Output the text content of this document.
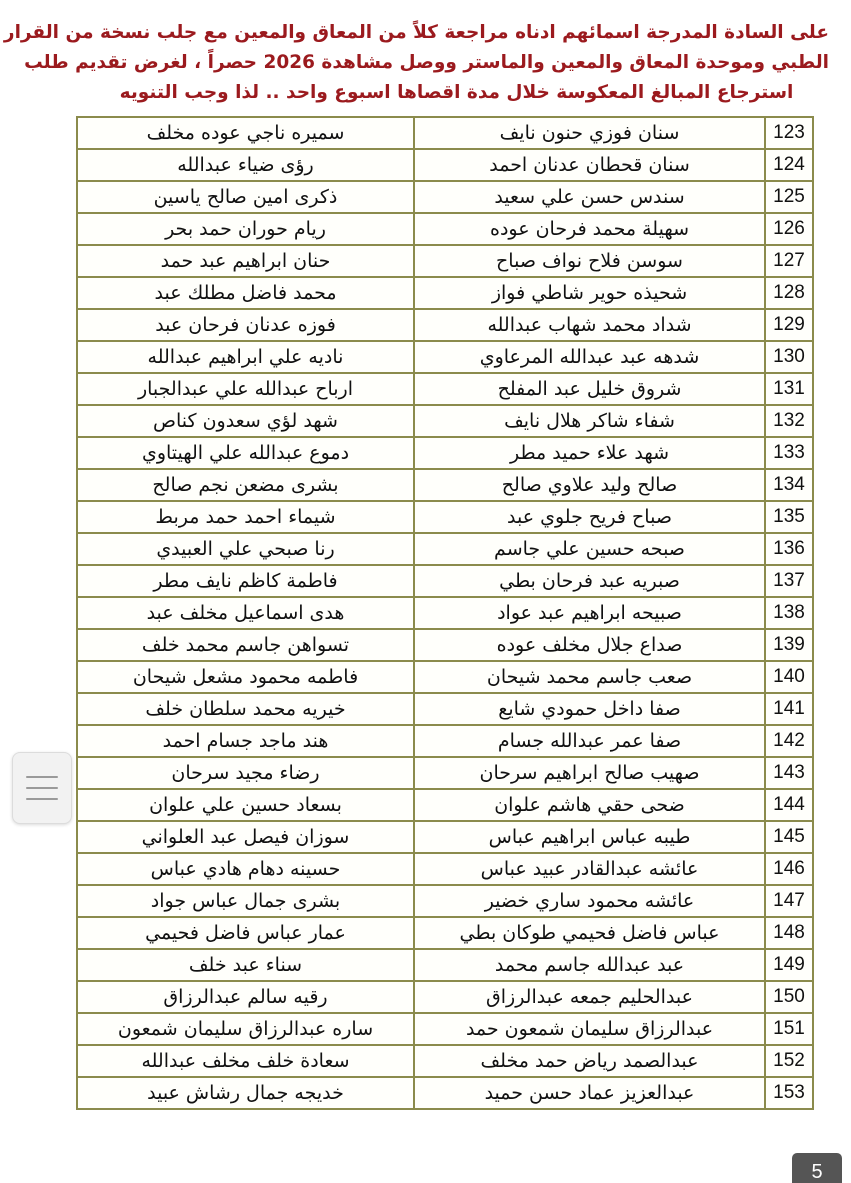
على السادة المدرجة اسمائهم ادناه مراجعة كلاً من المعاق والمعين مع جلب نسخة من القرار
الطبي وموحدة المعاق والمعين والماستر ووصل مشاهدة 2026 حصراً ، لغرض تقديم طلب
استرجاع المبالغ المعكوسة خلال مدة اقصاها اسبوع واحد .. لذا وجب التنويه
123	سنان فوزي حنون نايف	سميره ناجي عوده مخلف
124	سنان قحطان عدنان احمد	رؤى ضياء عبدالله
125	سندس حسن علي سعيد	ذكرى امين صالح ياسين
126	سهيلة محمد فرحان عوده	ريام حوران حمد بحر
127	سوسن فلاح نواف صباح	حنان ابراهيم عبد حمد
128	شحيذه حوير شاطي فواز	محمد فاضل مطلك عبد
129	شداد محمد شهاب عبدالله	فوزه عدنان فرحان عبد
130	شدهه عبد عبدالله المرعاوي	ناديه علي ابراهيم عبدالله
131	شروق خليل عبد المفلح	ارباح عبدالله علي عبدالجبار
132	شفاء شاكر هلال نايف	شهد لؤي سعدون كناص
133	شهد علاء حميد مطر	دموع عبدالله علي الهيتاوي
134	صالح وليد علاوي صالح	بشرى مضعن نجم صالح
135	صباح فريح جلوي عبد	شيماء احمد حمد مربط
136	صبحه حسين علي جاسم	رنا صبحي علي العبيدي
137	صبريه عبد فرحان بطي	فاطمة كاظم نايف مطر
138	صبيحه ابراهيم عبد عواد	هدى اسماعيل مخلف عبد
139	صداع جلال مخلف عوده	تسواهن جاسم محمد خلف
140	صعب جاسم محمد شيحان	فاطمه محمود مشعل شيحان
141	صفا داخل حمودي شايع	خيريه محمد سلطان خلف
142	صفا عمر عبدالله جسام	هند ماجد جسام احمد
143	صهيب صالح ابراهيم سرحان	رضاء مجيد سرحان
144	ضحى حقي هاشم علوان	بسعاد حسين علي علوان
145	طيبه عباس ابراهيم عباس	سوزان فيصل عبد العلواني
146	عائشه عبدالقادر عبيد عباس	حسينه دهام هادي عباس
147	عائشه محمود ساري خضير	بشرى جمال عباس جواد
148	عباس فاضل فحيمي طوكان بطي	عمار عباس فاضل فحيمي
149	عبد عبدالله جاسم محمد	سناء عبد خلف
150	عبدالحليم جمعه عبدالرزاق	رقيه سالم عبدالرزاق
151	عبدالرزاق سليمان شمعون حمد	ساره عبدالرزاق سليمان شمعون
152	عبدالصمد رياض حمد مخلف	سعادة خلف مخلف عبدالله
153	عبدالعزيز عماد حسن حميد	خديجه جمال رشاش عبيد
5
